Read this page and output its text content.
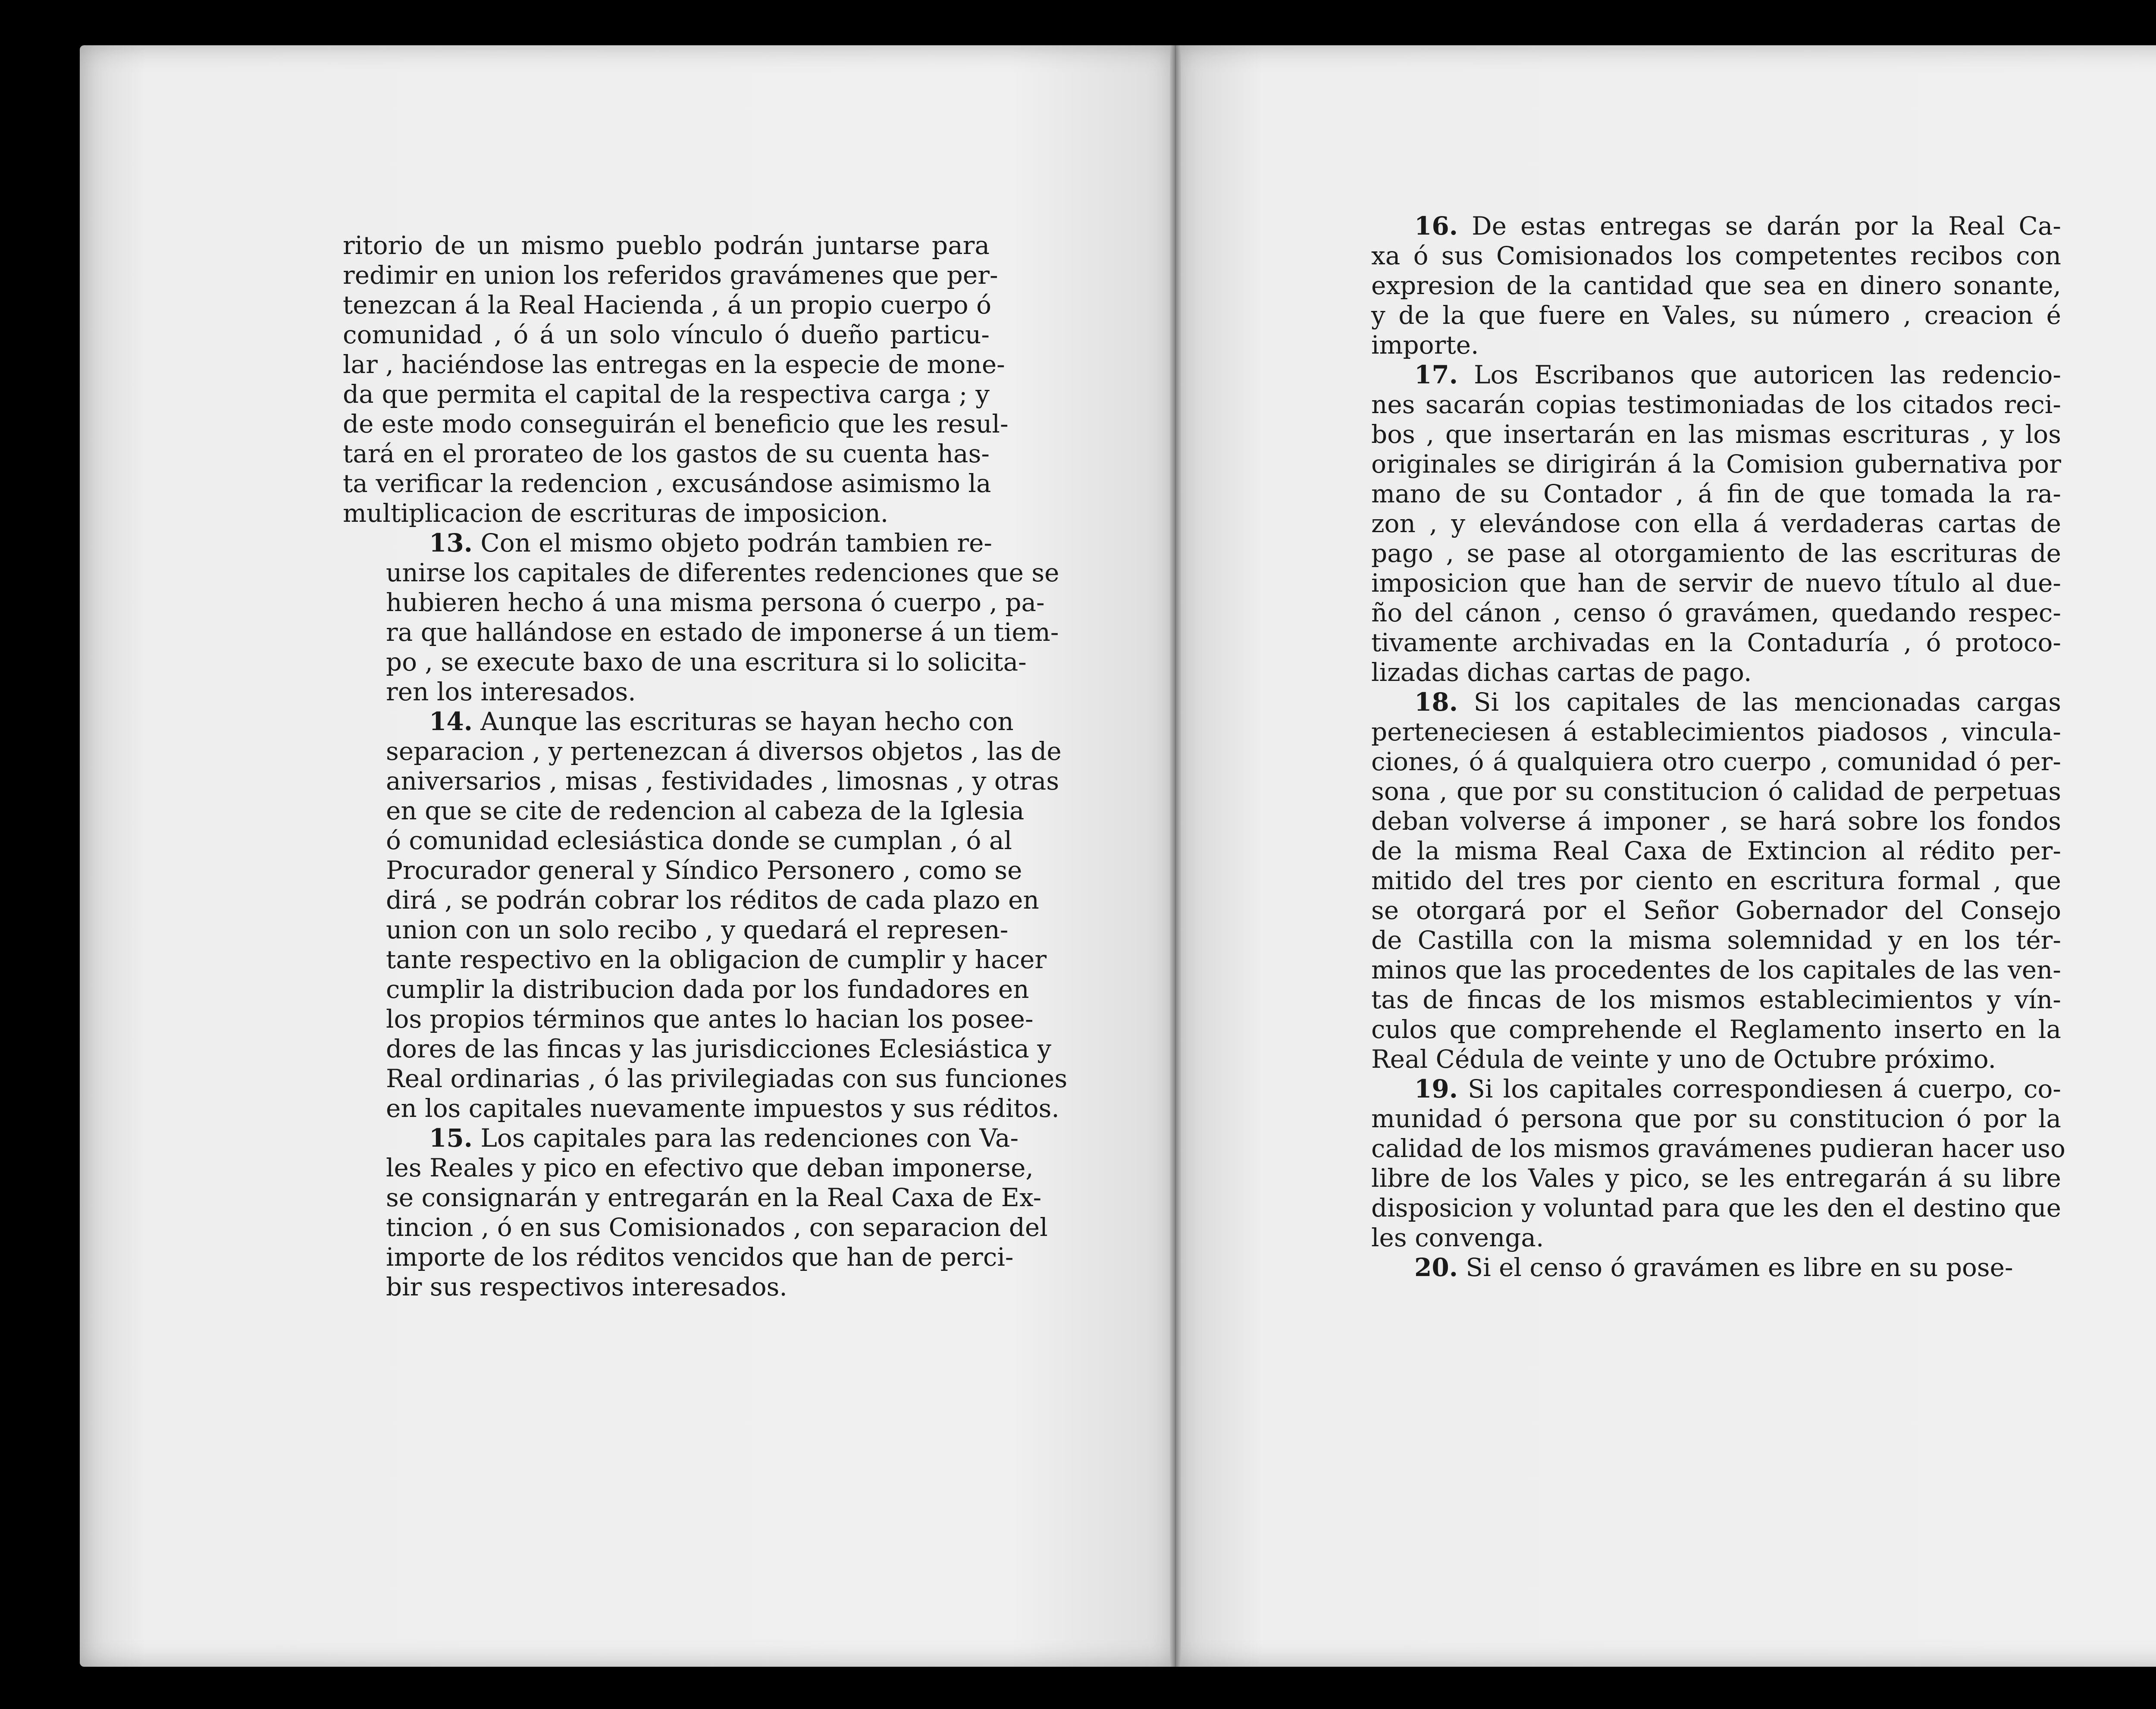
ritorio de un mismo pueblo podrán juntarse para
redimir en union los referidos gravámenes que per-
tenezcan á la Real Hacienda , á un propio cuerpo ó
comunidad , ó á un solo vínculo ó dueño particu-
lar , haciéndose las entregas en la especie de mone-
da que permita el capital de la respectiva carga ; y
de este modo conseguirán el beneficio que les resul-
tará en el prorateo de los gastos de su cuenta has-
ta verificar la redencion , excusándose asimismo la
multiplicacion de escrituras de imposicion.
13. Con el mismo objeto podrán tambien re-
unirse los capitales de diferentes redenciones que se
hubieren hecho á una misma persona ó cuerpo , pa-
ra que hallándose en estado de imponerse á un tiem-
po , se execute baxo de una escritura si lo solicita-
ren los interesados.
14. Aunque las escrituras se hayan hecho con
separacion , y pertenezcan á diversos objetos , las de
aniversarios , misas , festividades , limosnas , y otras
en que se cite de redencion al cabeza de la Iglesia
ó comunidad eclesiástica donde se cumplan , ó al
Procurador general y Síndico Personero , como se
dirá , se podrán cobrar los réditos de cada plazo en
union con un solo recibo , y quedará el represen-
tante respectivo en la obligacion de cumplir y hacer
cumplir la distribucion dada por los fundadores en
los propios términos que antes lo hacian los posee-
dores de las fincas y las jurisdicciones Eclesiástica y
Real ordinarias , ó las privilegiadas con sus funciones
en los capitales nuevamente impuestos y sus réditos.
15. Los capitales para las redenciones con Va-
les Reales y pico en efectivo que deban imponerse,
se consignarán y entregarán en la Real Caxa de Ex-
tincion , ó en sus Comisionados , con separacion del
importe de los réditos vencidos que han de perci-
bir sus respectivos interesados.
16. De estas entregas se darán por la Real Ca-
xa ó sus Comisionados los competentes recibos con
expresion de la cantidad que sea en dinero sonante,
y de la que fuere en Vales, su número , creacion é
importe.
17. Los Escribanos que autoricen las redencio-
nes sacarán copias testimoniadas de los citados reci-
bos , que insertarán en las mismas escrituras , y los
originales se dirigirán á la Comision gubernativa por
mano de su Contador , á fin de que tomada la ra-
zon , y elevándose con ella á verdaderas cartas de
pago , se pase al otorgamiento de las escrituras de
imposicion que han de servir de nuevo título al due-
ño del cánon , censo ó gravámen, quedando respec-
tivamente archivadas en la Contaduría , ó protoco-
lizadas dichas cartas de pago.
18. Si los capitales de las mencionadas cargas
perteneciesen á establecimientos piadosos , vincula-
ciones, ó á qualquiera otro cuerpo , comunidad ó per-
sona , que por su constitucion ó calidad de perpetuas
deban volverse á imponer , se hará sobre los fondos
de la misma Real Caxa de Extincion al rédito per-
mitido del tres por ciento en escritura formal , que
se otorgará por el Señor Gobernador del Consejo
de Castilla con la misma solemnidad y en los tér-
minos que las procedentes de los capitales de las ven-
tas de fincas de los mismos establecimientos y vín-
culos que comprehende el Reglamento inserto en la
Real Cédula de veinte y uno de Octubre próximo.
19. Si los capitales correspondiesen á cuerpo, co-
munidad ó persona que por su constitucion ó por la
calidad de los mismos gravámenes pudieran hacer uso
libre de los Vales y pico, se les entregarán á su libre
disposicion y voluntad para que les den el destino que
les convenga.
20. Si el censo ó gravámen es libre en su pose-
